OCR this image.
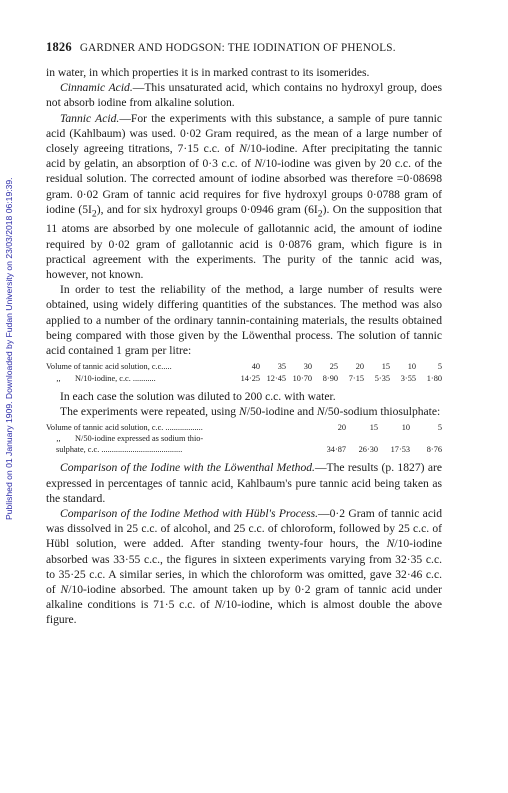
Published on 01 January 1909. Downloaded by Fudan University on 23/03/2018 06:19:39.
1826 GARDNER AND HODGSON: THE IODINATION OF PHENOLS.

in water, in which properties it is in marked contrast to its isomerides.

Cinnamic Acid.—This unsaturated acid, which contains no hydroxyl group, does not absorb iodine from alkaline solution.

Tannic Acid.—For the experiments with this substance, a sample of pure tannic acid (Kahlbaum) was used. 0·02 Gram required, as the mean of a large number of closely agreeing titrations, 7·15 c.c. of N/10-iodine. After precipitating the tannic acid by gelatin, an absorption of 0·3 c.c. of N/10-iodine was given by 20 c.c. of the residual solution. The corrected amount of iodine absorbed was therefore =0·08698 gram. 0·02 Gram of tannic acid requires for five hydroxyl groups 0·0788 gram of iodine $(5I_2)$, and for six hydroxyl groups 0·0946 gram $(6I_2)$. On the supposition that 11 atoms are absorbed by one molecule of gallotannic acid, the amount of iodine required by 0·02 gram of gallotannic acid is 0·0876 gram, which figure is in practical agreement with the experiments. The purity of the tannic acid was, however, not known.

In order to test the reliability of the method, a large number of results were obtained, using widely differing quantities of the substances. The method was also applied to a number of the ordinary tannin-containing materials, the results obtained being compared with those given by the Löwenthal process. The solution of tannic acid contained 1 gram per litre:

Volume of tannic acid solution, c.c.....	40	35	30	25	20	15	10	5
,,       N/10-iodine, c.c. ...........	14·25 12·45 10·70	8·90	7·15	5·35	3·55	1·80

In each case the solution was diluted to 200 c.c. with water.

The experiments were repeated, using N/50-iodine and N/50-sodium thiosulphate:

Volume of tannic acid solution, c.c. ..................	20	15	10	5
,,       N/50-iodine expressed as sodium thio-
sulphate, c.c. .......................................	34·87	26·30	17·53	8·76

Comparison of the Iodine with the Löwenthal Method.—The results (p. 1827) are expressed in percentages of tannic acid, Kahlbaum's pure tannic acid being taken as the standard.

Comparison of the Iodine Method with Hübl's Process.—0·2 Gram of tannic acid was dissolved in 25 c.c. of alcohol, and 25 c.c. of chloroform, followed by 25 c.c. of Hübl solution, were added. After standing twenty-four hours, the N/10-iodine absorbed was 33·55 c.c., the figures in sixteen experiments varying from 32·35 c.c. to 35·25 c.c. A similar series, in which the chloroform was omitted, gave 32·46 c.c. of N/10-iodine absorbed. The amount taken up by 0·2 gram of tannic acid under alkaline conditions is 71·5 c.c. of N/10-iodine, which is almost double the above figure.
